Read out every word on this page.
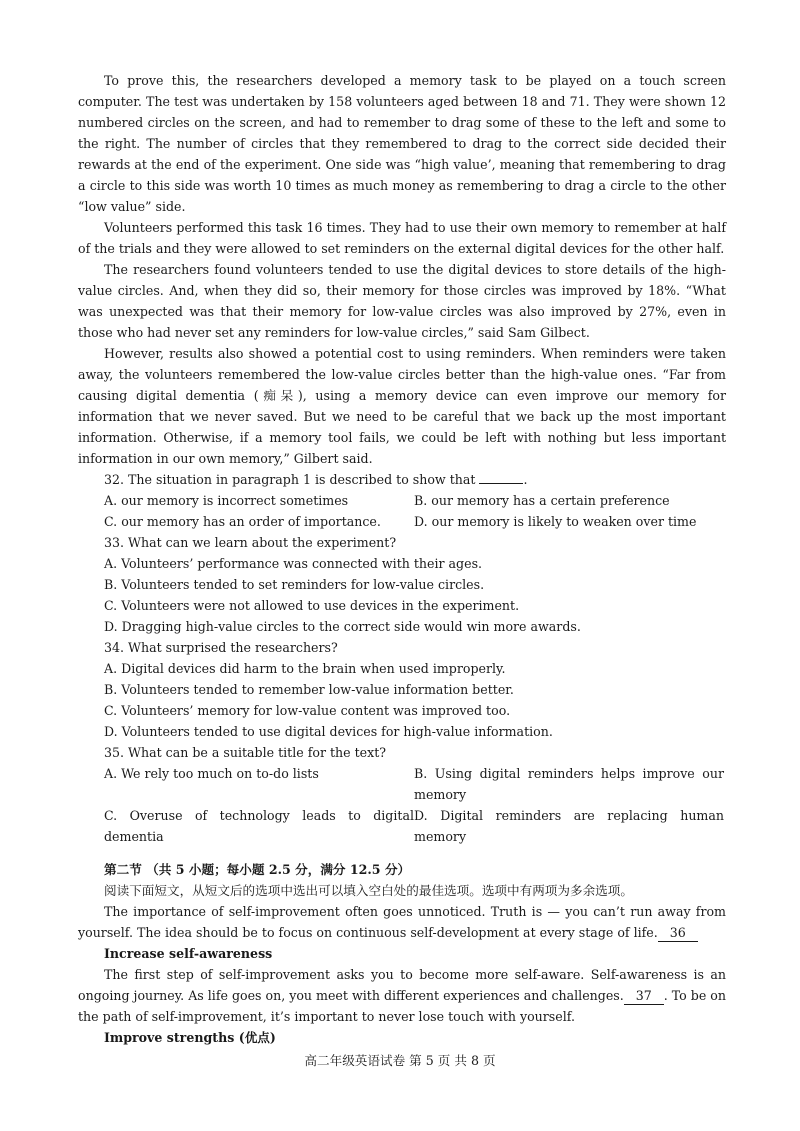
To prove this, the researchers developed a memory task to be played on a touch screen computer. The test was undertaken by 158 volunteers aged between 18 and 71. They were shown 12 numbered circles on the screen, and had to remember to drag some of these to the left and some to the right. The number of circles that they remembered to drag to the correct side decided their rewards at the end of the experiment. One side was “high value’, meaning that remembering to drag a circle to this side was worth 10 times as much money as remembering to drag a circle to the other “low value” side.

Volunteers performed this task 16 times. They had to use their own memory to remember at half of the trials and they were allowed to set reminders on the external digital devices for the other half.

The researchers found volunteers tended to use the digital devices to store details of the high-value circles. And, when they did so, their memory for those circles was improved by 18%. “What was unexpected was that their memory for low-value circles was also improved by 27%, even in those who had never set any reminders for low-value circles,” said Sam Gilbect.

However, results also showed a potential cost to using reminders. When reminders were taken away, the volunteers remembered the low-value circles better than the high-value ones. “Far from causing digital dementia (痴呆), using a memory device can even improve our memory for information that we never saved. But we need to be careful that we back up the most important information. Otherwise, if a memory tool fails, we could be left with nothing but less important information in our own memory,” Gilbert said.

32. The situation in paragraph 1 is described to show that	.

A. our memory is incorrect sometimes	B. our memory has a certain preference
C. our memory has an order of importance.	D. our memory is likely to weaken over time

33. What can we learn about the experiment?

A. Volunteers’ performance was connected with their ages.

B. Volunteers tended to set reminders for low-value circles.

C. Volunteers were not allowed to use devices in the experiment.

D. Dragging high-value circles to the correct side would win more awards.

34. What surprised the researchers?

A. Digital devices did harm to the brain when used improperly.

B. Volunteers tended to remember low-value information better.

C. Volunteers’ memory for low-value content was improved too.

D. Volunteers tended to use digital devices for high-value information.

35. What can be a suitable title for the text?

A. We rely too much on to-do lists	B. Using digital reminders helps improve our memory
C. Overuse of technology leads to digital dementia
D. Digital reminders are replacing human memory
第二节 （共 5 小题；每小题 2.5 分，满分 12.5 分）

阅读下面短文，从短文后的选项中选出可以填入空白处的最佳选项。选项中有两项为多余选项。

The importance of self-improvement often goes unnoticed. Truth is — you can’t run away from yourself. The idea should be to focus on continuous self-development at every stage of life. 36

Increase self-awareness

The first step of self-improvement asks you to become more self-aware. Self-awareness is an ongoing journey. As life goes on, you meet with different experiences and challenges. 37 . To be on the path of self-improvement, it’s important to never lose touch with yourself.

Improve strengths (优点)

高二年级英语试卷 第 5 页 共 8 页
